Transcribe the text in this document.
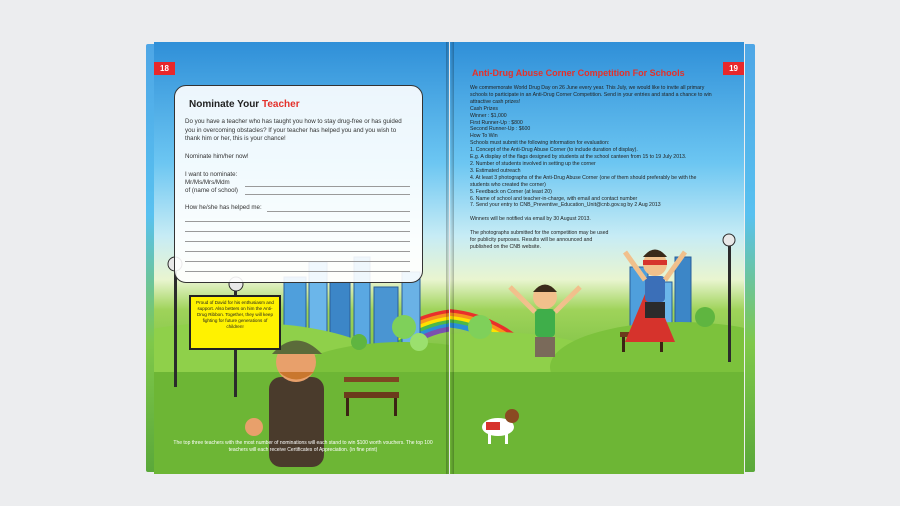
18
Nominate Your Teacher
Do you have a teacher who has taught you how to stay drug-free or has guided you in overcoming obstacles? If your teacher has helped you and you wish to thank him or her, this is your chance!
Nominate him/her now!
I want to nominate:
Mr/Ms/Mrs/Mdm
of (name of school)
How he/she has helped me:
Proud of David for his enthusiasm and support. Also betters on him the Anti-Drug Ribbon. Together, they will keep fighting for future generations of children!
The top three teachers with the most number of nominations will each stand to win $100 worth vouchers. The top 100 teachers will each receive Certificates of Appreciation. (in fine print)
19
Anti-Drug Abuse Corner Competition For Schools
We commemorate World Drug Day on 26 June every year. This July, we would like to invite all primary
schools to participate in an Anti-Drug Corner Competition. Send in your entries and stand a chance to win
attractive cash prizes!
Cash Prizes
Winner : $1,000
First Runner-Up : $800
Second Runner-Up : $600
How To Win
Schools must submit the following information for evaluation:
1. Concept of the Anti-Drug Abuse Corner (to include duration of display).
E.g. A display of the flags designed by students at the school canteen from 15 to 19 July 2013.
2. Number of students involved in setting up the corner
3. Estimated outreach
4. At least 3 photographs of the Anti-Drug Abuse Corner (one of them should preferably be with the
students who created the corner)
5. Feedback on Corner (at least 20)
6. Name of school and teacher-in-charge, with email and contact number
7. Send your entry to CNB_Preventive_Education_Unit@cnb.gov.sg by 2 Aug 2013

Winners will be notified via email by 30 August 2013.

The photographs submitted for the competition may be used
for publicity purposes. Results will be announced and
published on the CNB website.
